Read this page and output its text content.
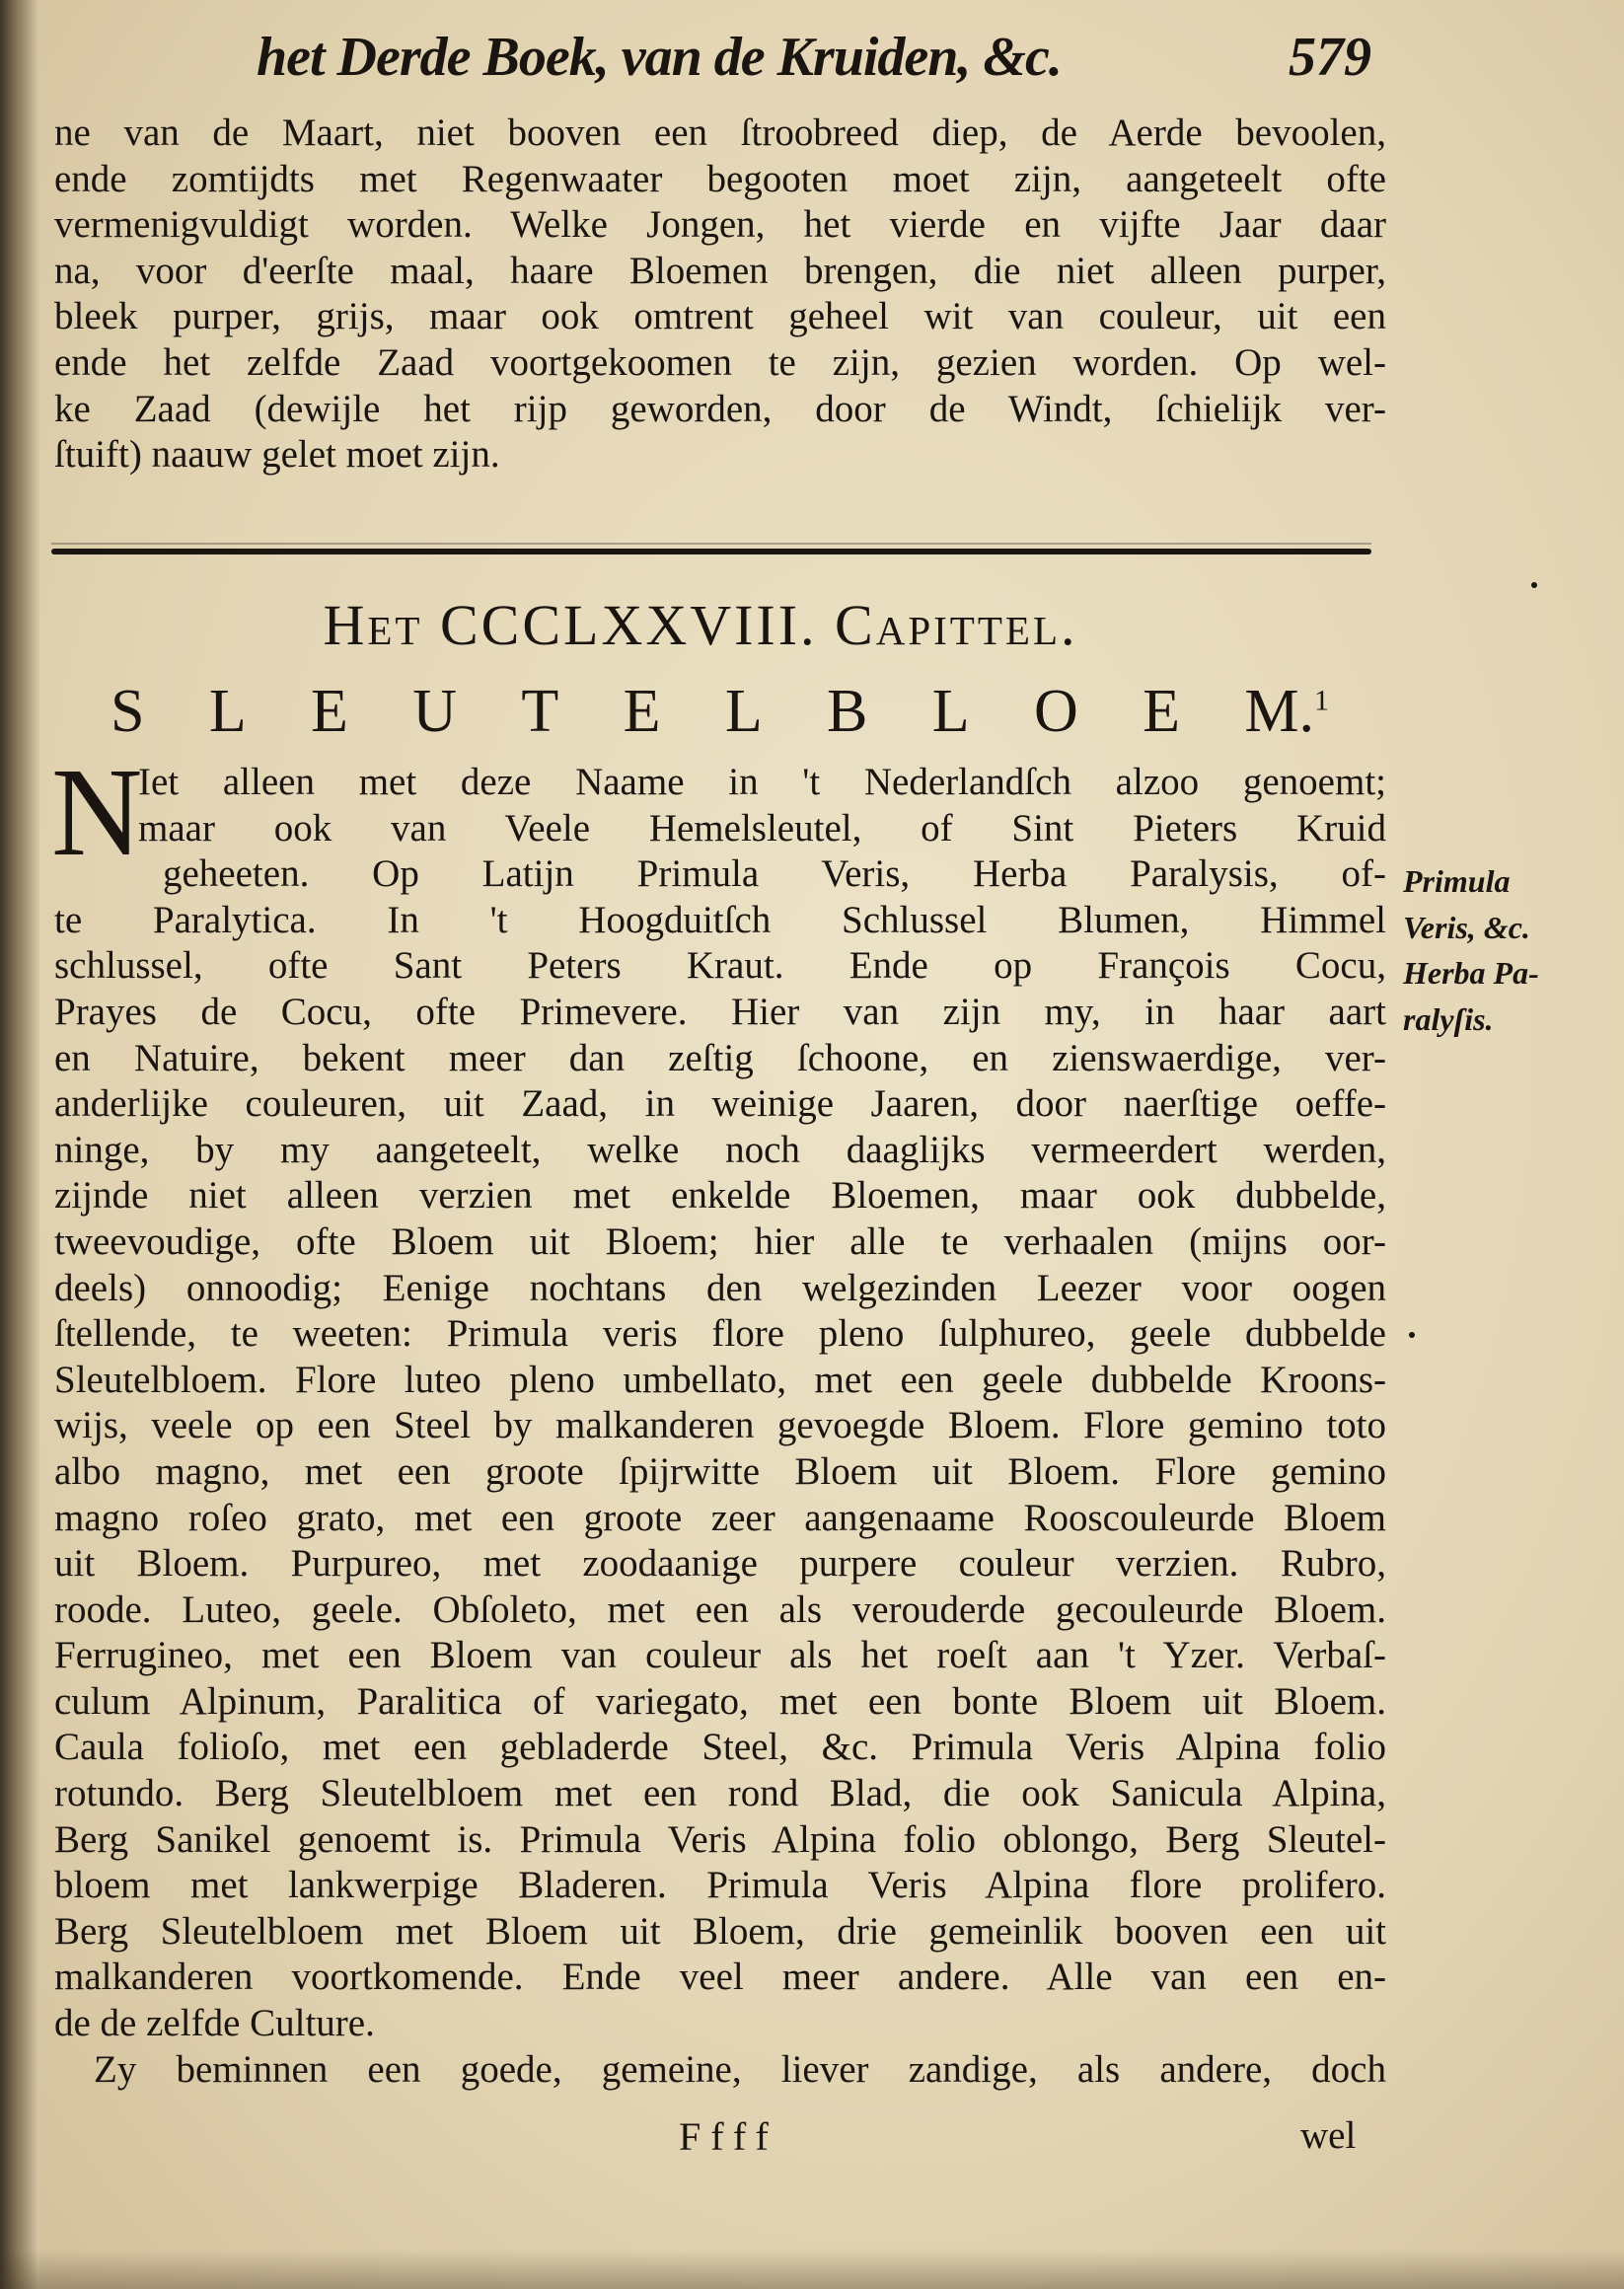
het Derde Boek, van de Kruiden, &c.	579
ne van de Maart, niet booven een ſtroobreed diep, de Aerde bevoolen,
ende zomtijdts met Regenwaater begooten moet zijn, aangeteelt ofte
vermenigvuldigt worden. Welke Jongen, het vierde en vijfte Jaar daar
na, voor d'eerſte maal, haare Bloemen brengen, die niet alleen purper,
bleek purper, grijs, maar ook omtrent geheel wit van couleur, uit een
ende het zelfde Zaad voortgekoomen te zijn, gezien worden. Op wel-
ke Zaad (dewijle het rijp geworden, door de Windt, ſchielijk ver-
ſtuift) naauw gelet moet zijn.
Het CCCLXXVIII. Capittel.
S L E U T E L B L O E M.$^1$
N
Iet alleen met deze Naame in 't Nederlandſch alzoo genoemt;
maar ook van Veele Hemelsleutel, of Sint Pieters Kruid
geheeten. Op Latijn Primula Veris, Herba Paralysis, of-
te Paralytica. In 't Hoogduitſch Schlussel Blumen, Himmel
schlussel, ofte Sant Peters Kraut. Ende op François Cocu,
Prayes de Cocu, ofte Primevere. Hier van zijn my, in haar aart
en Natuire, bekent meer dan zeſtig ſchoone, en zienswaerdige, ver-
anderlijke couleuren, uit Zaad, in weinige Jaaren, door naerſtige oeffe-
ninge, by my aangeteelt, welke noch daaglijks vermeerdert werden,
zijnde niet alleen verzien met enkelde Bloemen, maar ook dubbelde,
tweevoudige, ofte Bloem uit Bloem; hier alle te verhaalen (mijns oor-
deels) onnoodig; Eenige nochtans den welgezinden Leezer voor oogen
ſtellende, te weeten: Primula veris flore pleno ſulphureo, geele dubbelde
Sleutelbloem. Flore luteo pleno umbellato, met een geele dubbelde Kroons-
wijs, veele op een Steel by malkanderen gevoegde Bloem. Flore gemino toto
albo magno, met een groote ſpijrwitte Bloem uit Bloem. Flore gemino
magno roſeo grato, met een groote zeer aangenaame Rooscouleurde Bloem
uit Bloem. Purpureo, met zoodaanige purpere couleur verzien. Rubro,
roode. Luteo, geele. Obſoleto, met een als verouderde gecouleurde Bloem.
Ferrugineo, met een Bloem van couleur als het roeſt aan 't Yzer. Verbaſ-
culum Alpinum, Paralitica of variegato, met een bonte Bloem uit Bloem.
Caula folioſo, met een gebladerde Steel, &c. Primula Veris Alpina folio
rotundo. Berg Sleutelbloem met een rond Blad, die ook Sanicula Alpina,
Berg Sanikel genoemt is. Primula Veris Alpina folio oblongo, Berg Sleutel-
bloem met lankwerpige Bladeren. Primula Veris Alpina flore prolifero.
Berg Sleutelbloem met Bloem uit Bloem, drie gemeinlik booven een uit
malkanderen voortkomende. Ende veel meer andere. Alle van een en-
de de zelfde Culture.
Zy beminnen een goede, gemeine, liever zandige, als andere, doch
Primula
Veris, &c.
Herba Pa-
ralyſis.
Ffff	wel
